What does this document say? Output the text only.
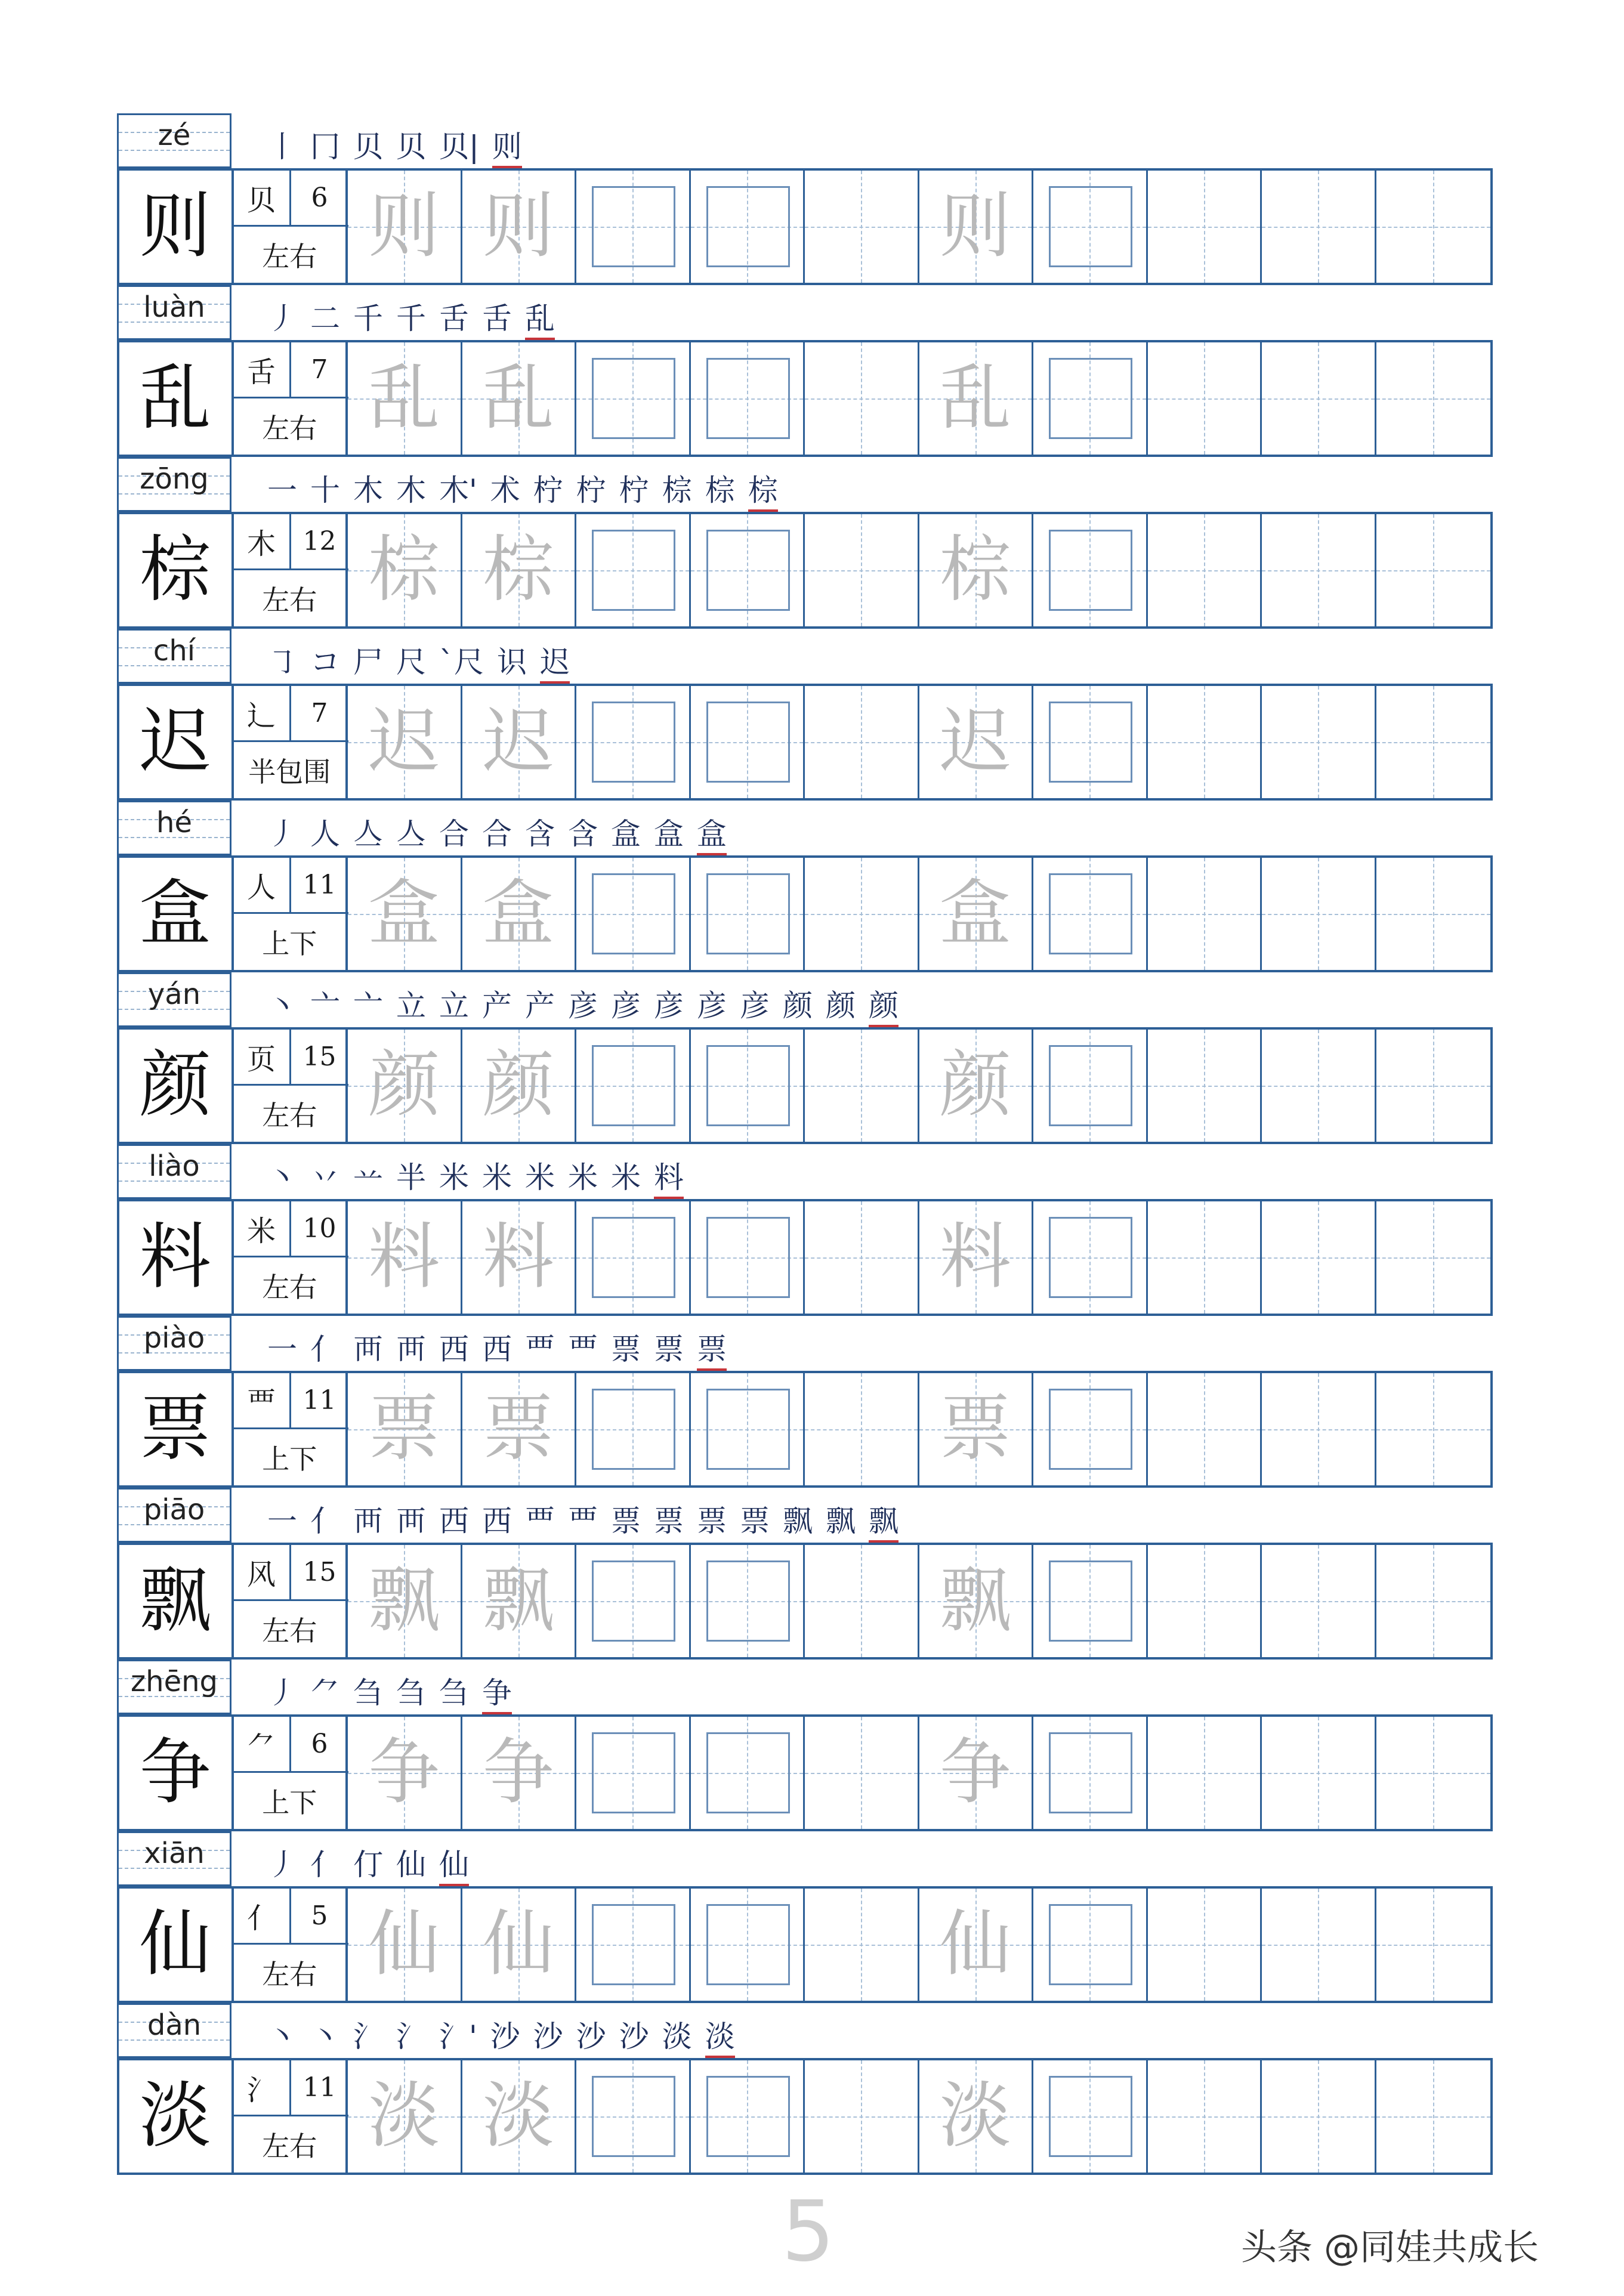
zé	丨 冂 贝 贝 贝| 则
则	贝	6
左右 则 则	则
luàn	丿 二 千 千 舌 舌 乱
乱	舌	7
左右 乱 乱	乱
zōng	一 十 木 木 木' 术 柠 柠 柠 棕 棕 棕
棕	木	12
左右 棕 棕	棕
chí	㇆ コ 尸 尺 `尺 识 迟
迟	辶	7
半包围 迟 迟	迟
hé	丿 人 亼 亼 合 合 含 含 盒 盒 盒
盒	人	11
上下 盒 盒	盒
yán	丶 亠 亠 立 立 产 产 彦 彦 彦 彦 彦 颜 颜 颜
颜	页	15
左右 颜 颜	颜
liào	丶 丷 䒑 半 米 米 米 米 米 料
料	米	10
左右 料 料	料
piào	一 亻 襾 襾 西 西 覀 覀 票 票 票
票	覀	11
上下 票 票	票
piāo	一 亻 襾 襾 西 西 覀 覀 票 票 票 票 飘 飘 飘
飘	风	15
左右 飘 飘	飘
zhēng	丿 ⺈ 刍 刍 刍 争
争	⺈	6
上下 争 争	争
xiān	丿 亻 仃 仙 仙
仙	亻	5
左右 仙 仙	仙
dàn	丶 丶 氵 氵 氵' 沙 沙 沙 沙 淡 淡
淡	氵	11
左右 淡 淡	淡
5	头条 @同娃共成长
